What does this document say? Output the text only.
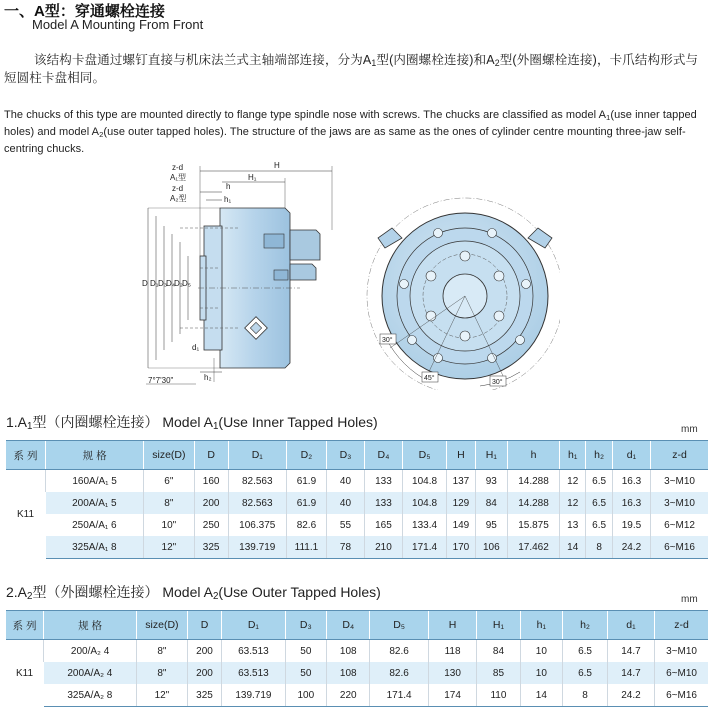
一、A型：穿通螺栓连接
Model A Mounting From Front
该结构卡盘通过螺钉直接与机床法兰式主轴端部连接，分为$A_1$型(内圈螺栓连接)和$A_2$型(外圈螺栓连接)，卡爪结构形式与短圆柱卡盘相同。
The chucks of this type are mounted directly to flange type spindle nose with screws. The chucks are classified as model $A_1(use$ inner tapped holes) and model $A_2(use$ outer tapped holes). The structure of the jaws are as same as the ones of cylinder centre mounting three-jaw self-centring chucks.
z-d
A₁型
z-d
A₂型
H
H₁
h
h₁
D D₁ D₃
D₄
D₂ D₅
d₁
h₂
7°7'30"
30°
45°
30°
$1.A_1$型（内圈螺栓连接） Model $A_1(Use$ Inner Tapped Holes)	mm
系 列	规 格	size(D)	D	D₁	D₂	D₃	D₄	D₅	H	H₁	h	h₁	h₂	d₁	z-d
K11	160A/A₁ 5	6"	160	82.563	61.9	40	133	104.8	137	93	14.288	12	6.5	16.3	3~M10
	200A/A₁ 5	8"	200	82.563	61.9	40	133	104.8	129	84	14.288	12	6.5	16.3	3~M10
	250A/A₁ 6	10"	250	106.375	82.6	55	165	133.4	149	95	15.875	13	6.5	19.5	6~M12
	325A/A₁ 8	12"	325	139.719	111.1	78	210	171.4	170	106	17.462	14	8	24.2	6~M16
$2.A_2$型（外圈螺栓连接） Model $A_2(Use$ Outer Tapped Holes)	mm
系 列	规 格	size(D)	D	D₁	D₃	D₄	D₅	H	H₁	h₁	h₂	d₁	z-d
K11	200/A₂ 4	8"	200	63.513	50	108	82.6	118	84	10	6.5	14.7	3~M10
	200A/A₂ 4	8"	200	63.513	50	108	82.6	130	85	10	6.5	14.7	6~M10
	325A/A₂ 8	12"	325	139.719	100	220	171.4	174	110	14	8	24.2	6~M16
